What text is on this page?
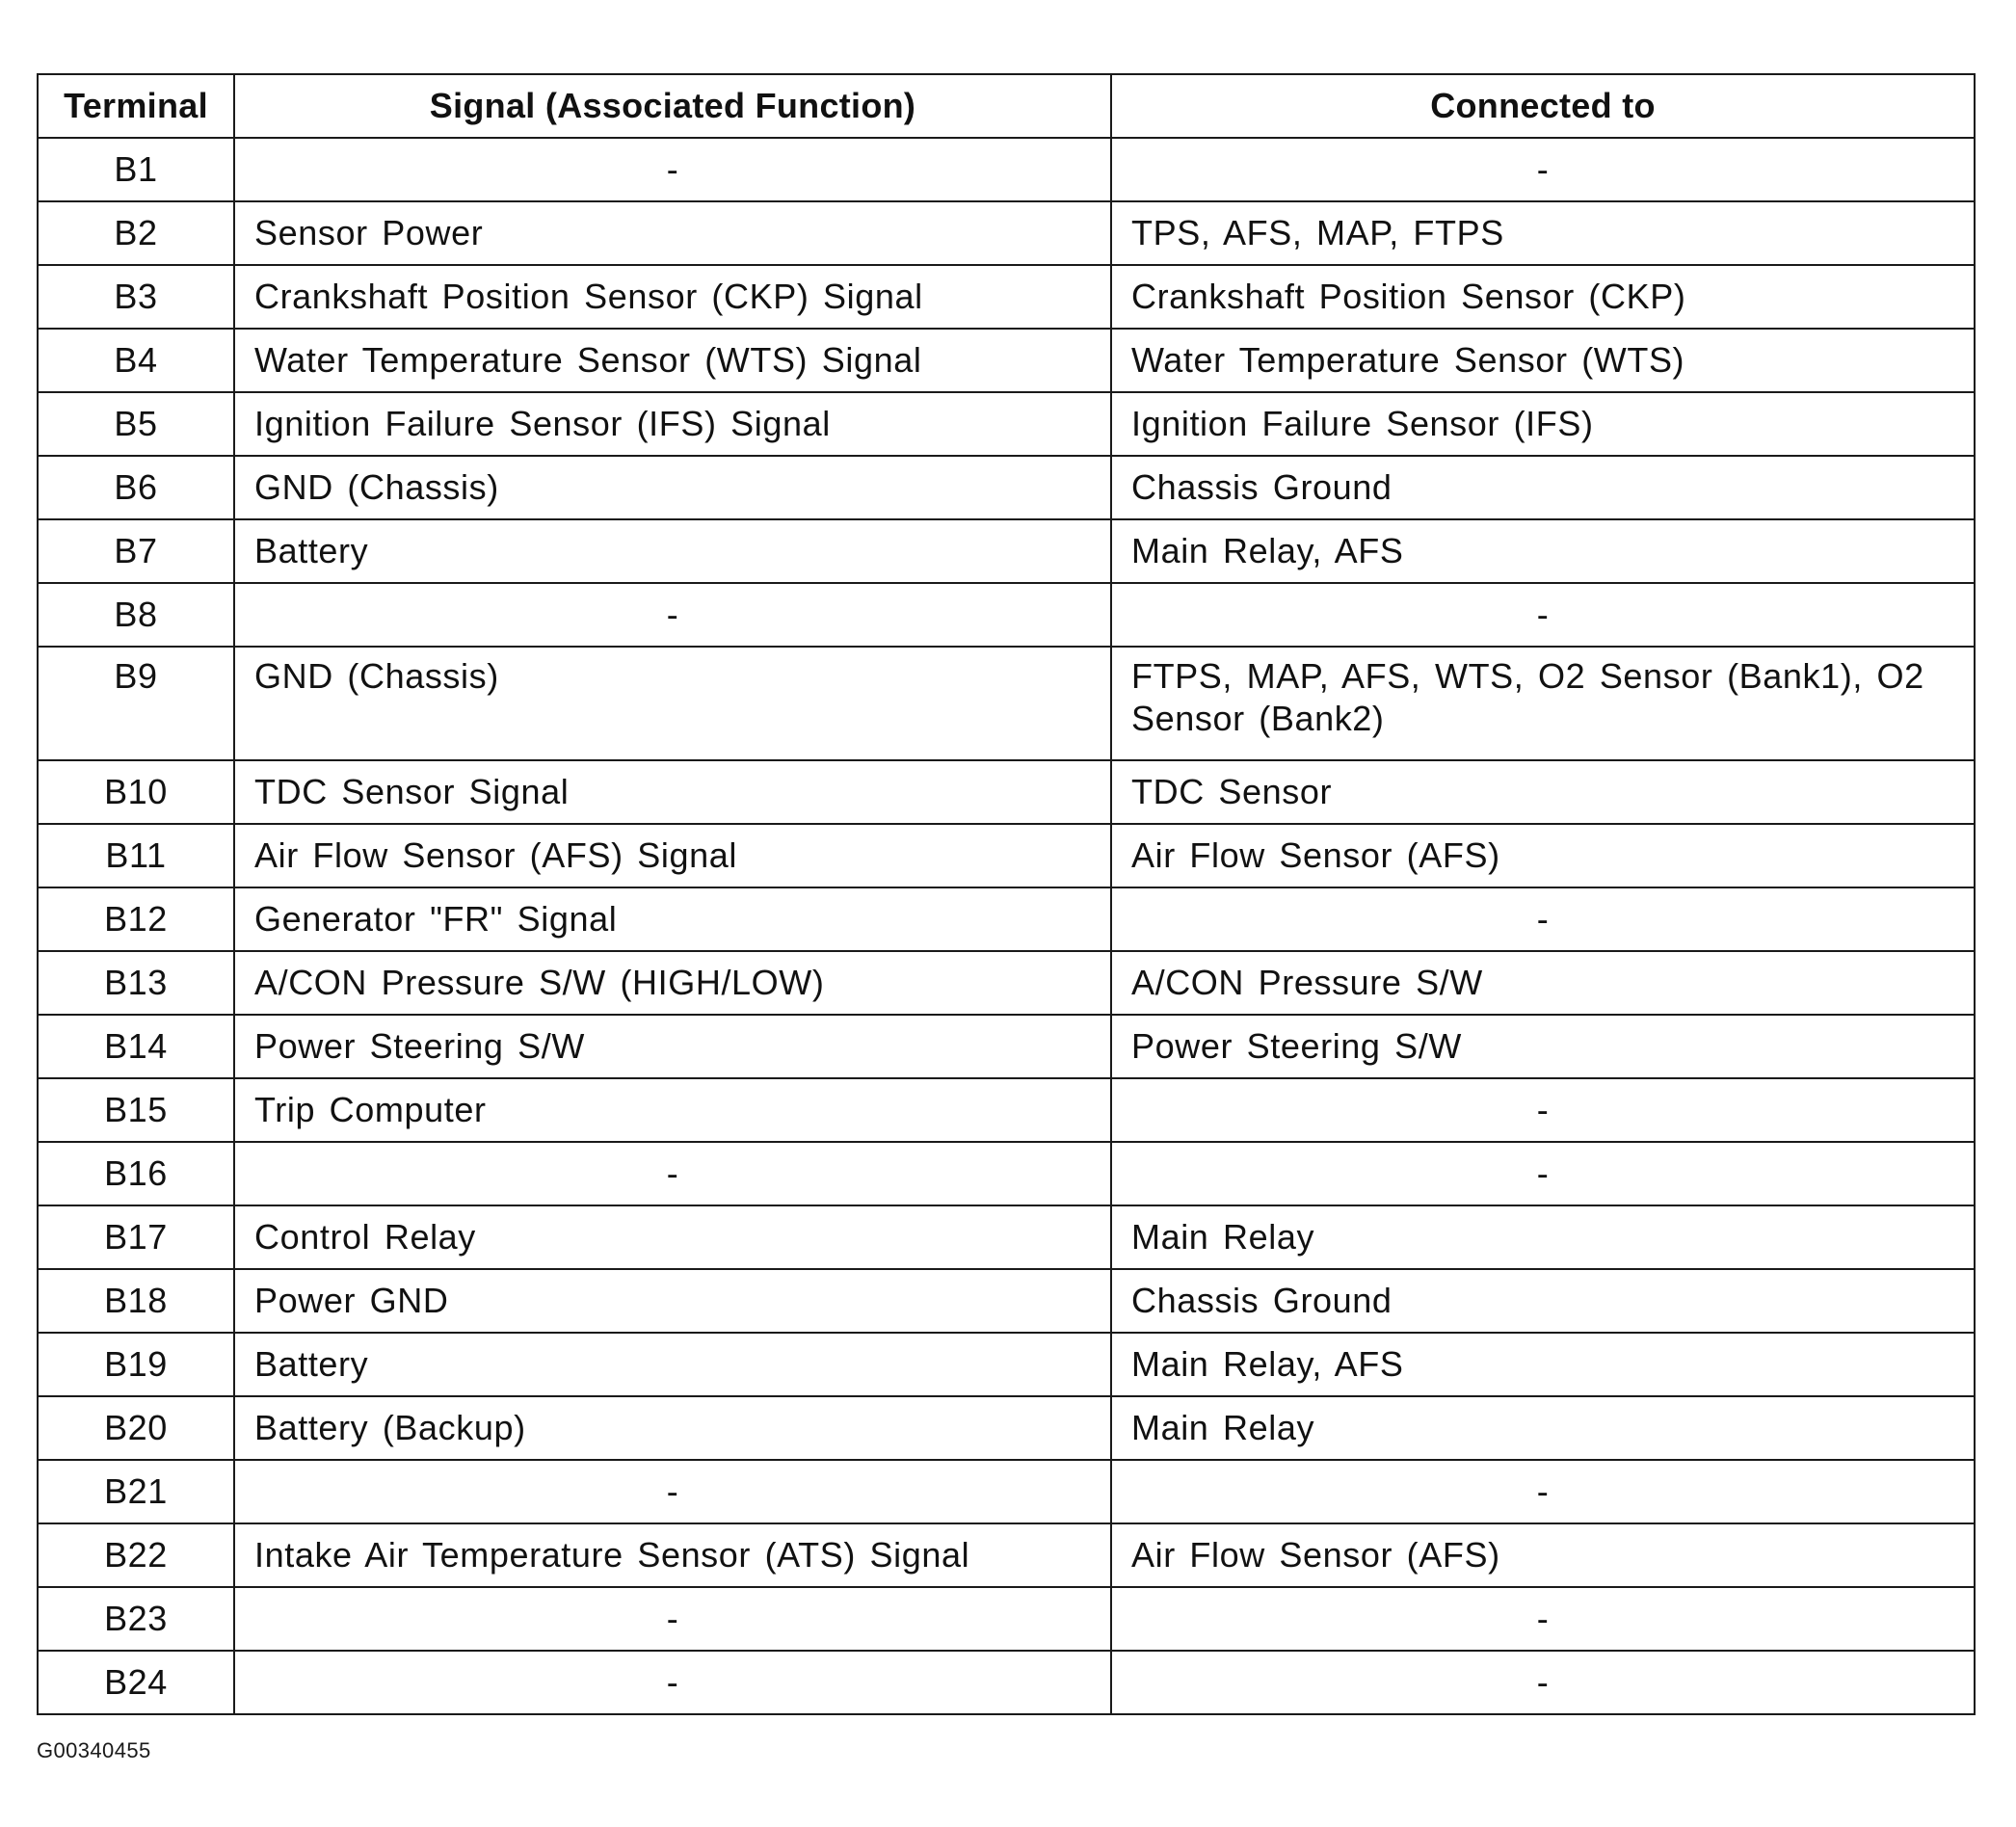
Terminal	Signal (Associated Function)	Connected to
B1	-	-
B2	Sensor Power	TPS, AFS, MAP, FTPS
B3	Crankshaft Position Sensor (CKP) Signal	Crankshaft Position Sensor (CKP)
B4	Water Temperature Sensor (WTS) Signal	Water Temperature Sensor (WTS)
B5	Ignition Failure Sensor (IFS) Signal	Ignition Failure Sensor (IFS)
B6	GND (Chassis)	Chassis Ground
B7	Battery	Main Relay, AFS
B8	-	-
B9	GND (Chassis)	FTPS, MAP, AFS, WTS, O2 Sensor (Bank1), O2 Sensor (Bank2)
B10	TDC Sensor Signal	TDC Sensor
B11	Air Flow Sensor (AFS) Signal	Air Flow Sensor (AFS)
B12	Generator "FR" Signal	-
B13	A/CON Pressure S/W (HIGH/LOW)	A/CON Pressure S/W
B14	Power Steering S/W	Power Steering S/W
B15	Trip Computer	-
B16	-	-
B17	Control Relay	Main Relay
B18	Power GND	Chassis Ground
B19	Battery	Main Relay, AFS
B20	Battery (Backup)	Main Relay
B21	-	-
B22	Intake Air Temperature Sensor (ATS) Signal	Air Flow Sensor (AFS)
B23	-	-
B24	-	-
G00340455
